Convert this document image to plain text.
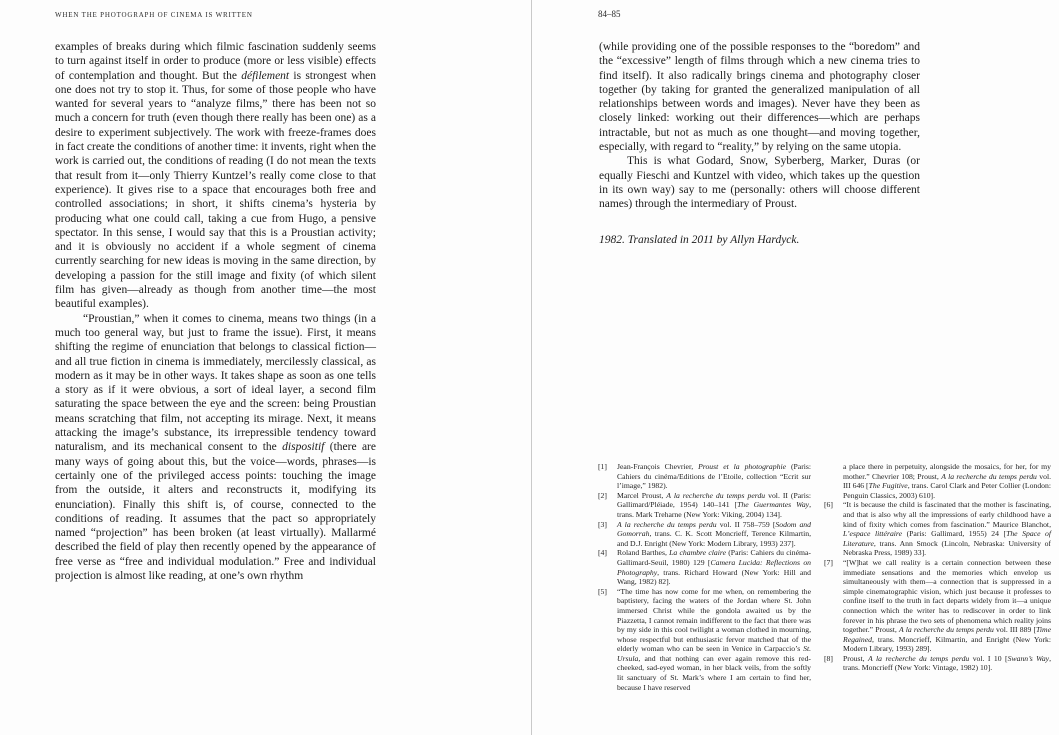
WHEN THE PHOTOGRAPH OF CINEMA IS WRITTEN

examples of breaks during which filmic fascination suddenly seems to turn against itself in order to produce (more or less visible) effects of contemplation and thought. But the défilement is strongest when one does not try to stop it. Thus, for some of those people who have wanted for several years to “analyze films,” there has been not so much a concern for truth (even though there really has been one) as a desire to experiment subjectively. The work with freeze-frames does in fact create the conditions of another time: it invents, right when the work is carried out, the conditions of reading (I do not mean the texts that result from it—only Thierry Kuntzel’s really come close to that experience). It gives rise to a space that encourages both free and controlled associations; in short, it shifts cinema’s hysteria by producing what one could call, taking a cue from Hugo, a pensive spectator. In this sense, I would say that this is a Proustian activity; and it is obviously no accident if a whole segment of cinema currently searching for new ideas is moving in the same direction, by developing a passion for the still image and fixity (of which silent film has given—already as though from another time—the most beautiful examples).

“Proustian,” when it comes to cinema, means two things (in a much too general way, but just to frame the issue). First, it means shifting the regime of enunciation that belongs to classical fiction—and all true fiction in cinema is immediately, mercilessly classical, as modern as it may be in other ways. It takes shape as soon as one tells a story as if it were obvious, a sort of ideal layer, a second film saturating the space between the eye and the screen: being Proustian means scratching that film, not accepting its mirage. Next, it means attacking the image’s substance, its irrepressible tendency toward naturalism, and its mechanical consent to the dispositif (there are many ways of going about this, but the voice—words, phrases—is certainly one of the privileged access points: touching the image from the outside, it alters and reconstructs it, modifying its enunciation). Finally this shift is, of course, connected to the conditions of reading. It assumes that the pact so appropriately named “projection” has been broken (at least virtually). Mallarmé described the field of play then recently opened by the appearance of free verse as “free and individual modulation.” Free and individual projection is almost like reading, at one’s own rhythm

84–85

(while providing one of the possible responses to the “boredom” and the “excessive” length of films through which a new cinema tries to find itself). It also radically brings cinema and photography closer together (by taking for granted the generalized manipulation of all relationships between words and images). Never have they been as closely linked: working out their differences—which are perhaps intractable, but not as much as one thought—and moving together, especially, with regard to “reality,” by relying on the same utopia.

This is what Godard, Snow, Syberberg, Marker, Duras (or equally Fieschi and Kuntzel with video, which takes up the question in its own way) say to me (personally: others will choose different names) through the intermediary of Proust.

1982. Translated in 2011 by Allyn Hardyck.

[1]	Jean-François Chevrier, Proust et la photographie (Paris: Cahiers du cinéma/Editions de l’Etoile, collection “Ecrit sur l’image,” 1982).
[2]	Marcel Proust, A la recherche du temps perdu vol. II (Paris: Gallimard/Pléiade, 1954) 140–141 [The Guermantes Way, trans. Mark Treharne (New York: Viking, 2004) 134].
[3]	A la recherche du temps perdu vol. II 758–759 [Sodom and Gomorrah, trans. C. K. Scott Moncrieff, Terence Kilmartin, and D.J. Enright (New York: Modern Library, 1993) 237].
[4]	Roland Barthes, La chambre claire (Paris: Cahiers du cinéma-Gallimard-Seuil, 1980) 129 [Camera Lucida: Reflections on Photography, trans. Richard Howard (New York: Hill and Wang, 1982) 82].
[5]	“The time has now come for me when, on remembering the baptistery, facing the waters of the Jordan where St. John immersed Christ while the gondola awaited us by the Piazzetta, I cannot remain indifferent to the fact that there was by my side in this cool twilight a woman clothed in mourning, whose respectful but enthusiastic fervor matched that of the elderly woman who can be seen in Venice in Carpaccio’s St. Ursula, and that nothing can ever again remove this red-cheeked, sad-eyed woman, in her black veils, from the softly lit sanctuary of St. Mark’s where I am certain to find her, because I have reserved
a place there in perpetuity, alongside the mosaics, for her, for my mother.” Chevrier 108; Proust, A la recherche du temps perdu vol. III 646 [The Fugitive, trans. Carol Clark and Peter Collier (London: Penguin Classics, 2003) 610].
[6]	“It is because the child is fascinated that the mother is fascinating, and that is also why all the impressions of early childhood have a kind of fixity which comes from fascination.” Maurice Blanchot, L’espace littéraire (Paris: Gallimard, 1955) 24 [The Space of Literature, trans. Ann Smock (Lincoln, Nebraska: University of Nebraska Press, 1989) 33].
[7]	“[W]hat we call reality is a certain connection between these immediate sensations and the memories which envelop us simultaneously with them—a connection that is suppressed in a simple cinematographic vision, which just because it professes to confine itself to the truth in fact departs widely from it—a unique connection which the writer has to rediscover in order to link forever in his phrase the two sets of phenomena which reality joins together.” Proust, A la recherche du temps perdu vol. III 889 [Time Regained, trans. Moncrieff, Kilmartin, and Enright (New York: Modern Library, 1993) 289].
[8]	Proust, A la recherche du temps perdu vol. I 10 [Swann’s Way, trans. Moncrieff (New York: Vintage, 1982) 10].
